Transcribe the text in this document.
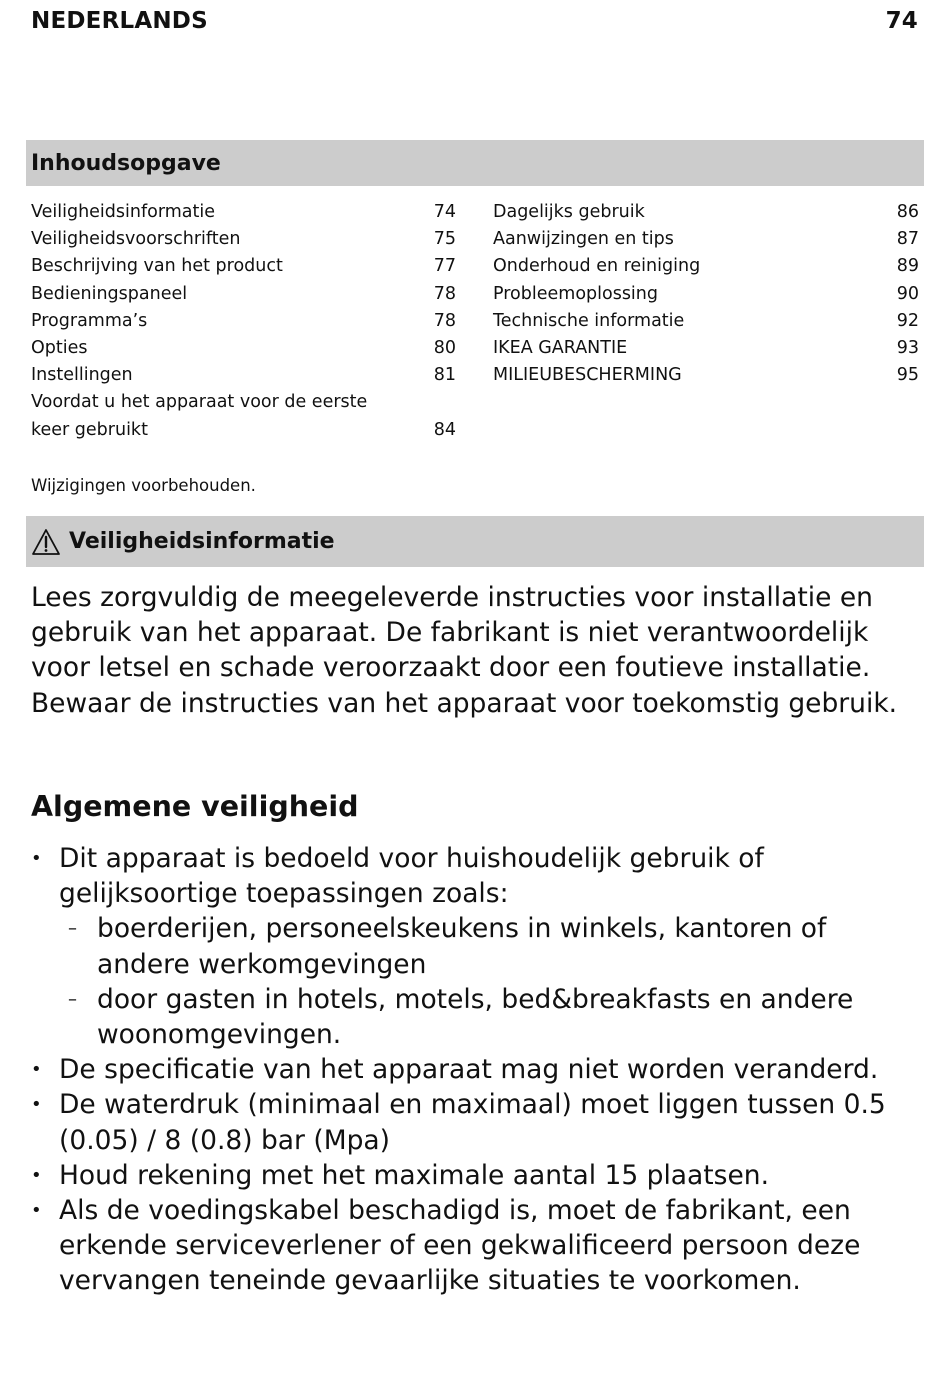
NEDERLANDS	74
Inhoudsopgave
Veiligheidsinformatie	74
Veiligheidsvoorschriften	75
Beschrijving van het product	77
Bedieningspaneel	78
Programma’s	78
Opties	80
Instellingen	81
Voordat u het apparaat voor de eerste keer gebruikt	84
Dagelijks gebruik	86
Aanwijzingen en tips	87
Onderhoud en reiniging	89
Probleemoplossing	90
Technische informatie	92
IKEA GARANTIE	93
MILIEUBESCHERMING	95
Wijzigingen voorbehouden.
Veiligheidsinformatie

Lees zorgvuldig de meegeleverde instructies voor installatie en gebruik van het apparaat. De fabrikant is niet verantwoordelijk voor letsel en schade veroorzaakt door een foutieve installatie. Bewaar de instructies van het apparaat voor toekomstig gebruik.

Algemene veiligheid
• Dit apparaat is bedoeld voor huishoudelijk gebruik of gelijksoortige toepassingen zoals:
– boerderijen, personeelskeukens in winkels, kantoren of andere werkomgevingen
– door gasten in hotels, motels, bed&breakfasts en andere woonomgevingen.
• De specificatie van het apparaat mag niet worden veranderd.
• De waterdruk (minimaal en maximaal) moet liggen tussen 0.5 (0.05) / 8 (0.8) bar (Mpa)
• Houd rekening met het maximale aantal 15 plaatsen.
• Als de voedingskabel beschadigd is, moet de fabrikant, een erkende serviceverlener of een gekwalificeerd persoon deze vervangen teneinde gevaarlijke situaties te voorkomen.
